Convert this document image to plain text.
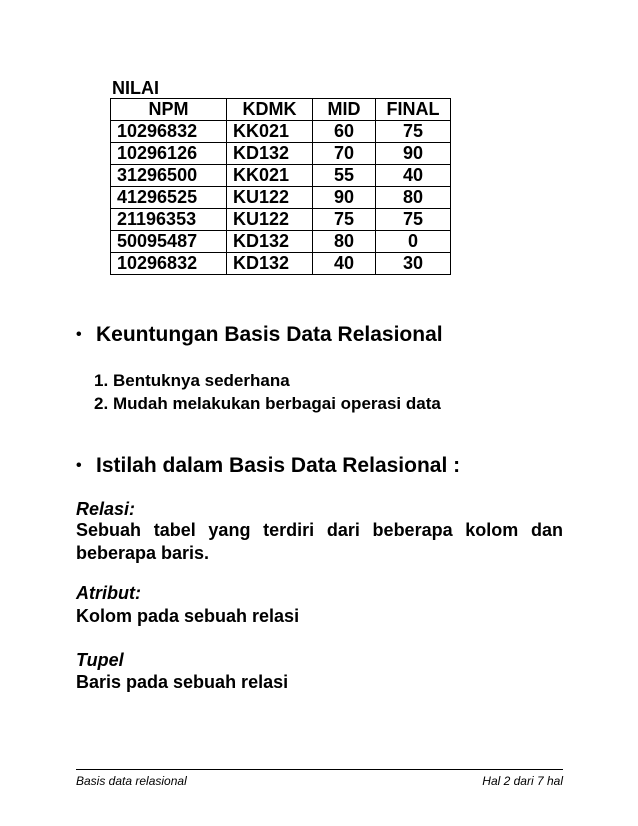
NILAI
NPM	KDMK	MID	FINAL
10296832	KK021	60	75
10296126	KD132	70	90
31296500	KK021	55	40
41296525	KU122	90	80
21196353	KU122	75	75
50095487	KD132	80	0
10296832	KD132	40	30
• Keuntungan Basis Data Relasional
1. Bentuknya sederhana
2. Mudah melakukan berbagai operasi data
• Istilah dalam Basis Data Relasional :
Relasi:
Sebuah tabel yang terdiri dari beberapa kolom dan beberapa baris.
Atribut:
Kolom pada sebuah relasi
Tupel
Baris pada sebuah relasi
Basis data relasional	Hal 2 dari 7 hal
